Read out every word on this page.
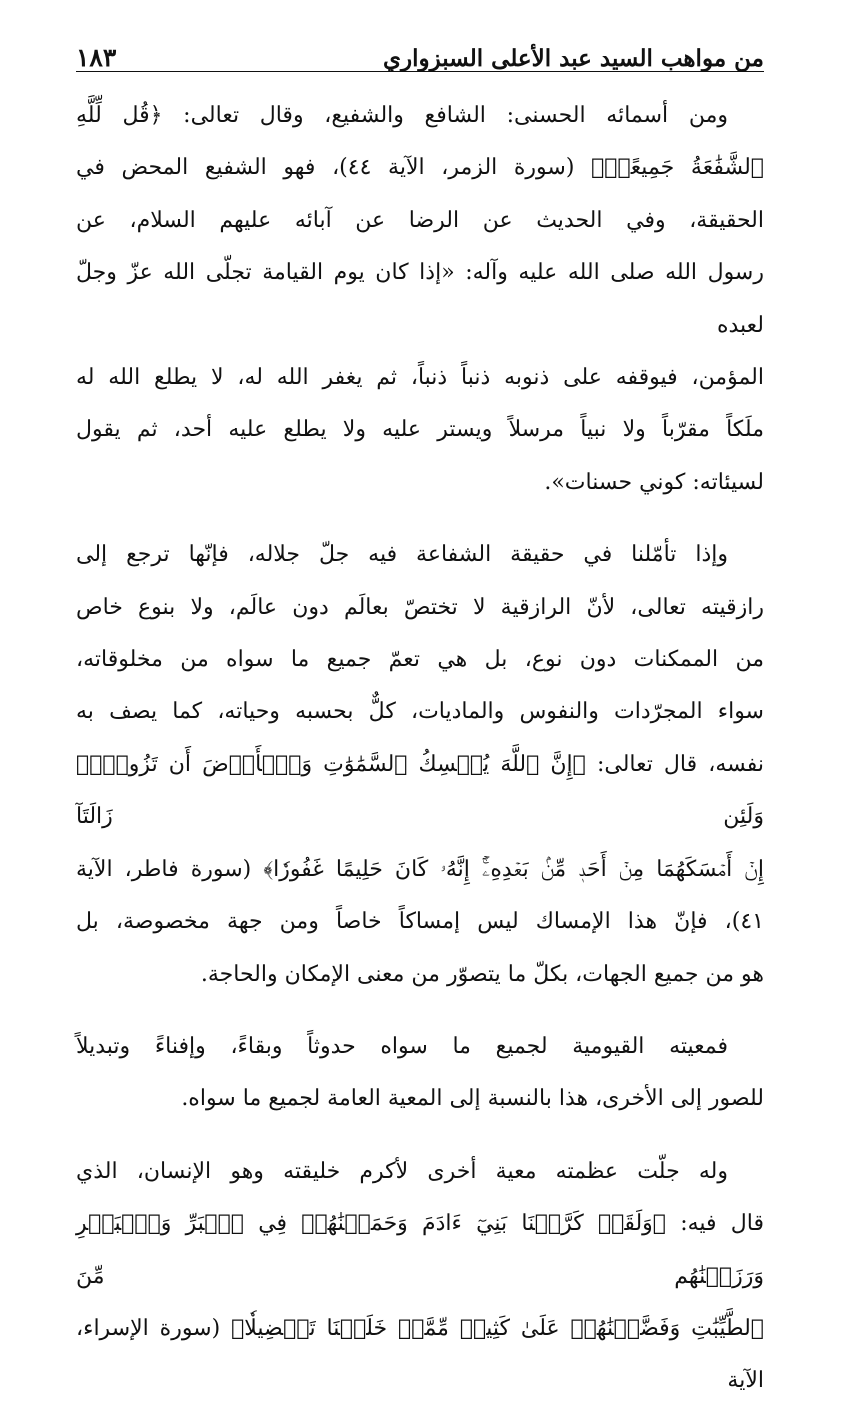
١٨٣	من مواهب السيد عبد الأعلى السبزواري

ومن أسمائه الحسنى: الشافع والشفيع، وقال تعالى: ﴿قُل لِّلَّهِ
ٱلشَّفَٰعَةُ جَمِيعًاۖ﴾ (سورة الزمر، الآية ٤٤)، فهو الشفيع المحض في
الحقيقة، وفي الحديث عن الرضا عن آبائه عليهم السلام، عن
رسول الله صلى الله عليه وآله: «إذا كان يوم القيامة تجلّى الله عزّ وجلّ لعبده
المؤمن، فيوقفه على ذنوبه ذنباً ذنباً، ثم يغفر الله له، لا يطلع الله له
ملَكاً مقرّباً ولا نبياً مرسلاً ويستر عليه ولا يطلع عليه أحد، ثم يقول
لسيئاته: كوني حسنات».

وإذا تأمّلنا في حقيقة الشفاعة فيه جلّ جلاله، فإنّها ترجع إلى
رازقيته تعالى، لأنّ الرازقية لا تختصّ بعالَم دون عالَم، ولا بنوع خاص
من الممكنات دون نوع، بل هي تعمّ جميع ما سواه من مخلوقاته،
سواء المجرّدات والنفوس والماديات، كلٌّ بحسبه وحياته، كما يصف به
نفسه، قال تعالى: ﴿إِنَّ ٱللَّهَ يُمۡسِكُ ٱلسَّمَٰوَٰتِ وَٱلۡأَرۡضَ أَن تَزُولَاۚ وَلَئِن زَالَتَآ
إِنۡ أَمۡسَكَهُمَا مِنۡ أَحَدٖ مِّنۢ بَعۡدِهِۦٓۚ إِنَّهُۥ كَانَ حَلِيمًا غَفُورٗا﴾ (سورة فاطر، الآية
٤١)، فإنّ هذا الإمساك ليس إمساكاً خاصاً ومن جهة مخصوصة، بل
هو من جميع الجهات، بكلّ ما يتصوّر من معنى الإمكان والحاجة.

فمعيته القيومية لجميع ما سواه حدوثاً وبقاءً، وإفناءً وتبديلاً
للصور إلى الأخرى، هذا بالنسبة إلى المعية العامة لجميع ما سواه.

وله جلّت عظمته معية أخرى لأكرم خليقته وهو الإنسان، الذي
قال فيه: ﴿وَلَقَدۡ كَرَّمۡنَا بَنِيٓ ءَادَمَ وَحَمَلۡنَٰهُمۡ فِي ٱلۡبَرِّ وَٱلۡبَحۡرِ وَرَزَقۡنَٰهُم مِّنَ
ٱلطَّيِّبَٰتِ وَفَضَّلۡنَٰهُمۡ عَلَىٰ كَثِيرٖ مِّمَّنۡ خَلَقۡنَا تَفۡضِيلٗا﴾ (سورة الإسراء، الآية
